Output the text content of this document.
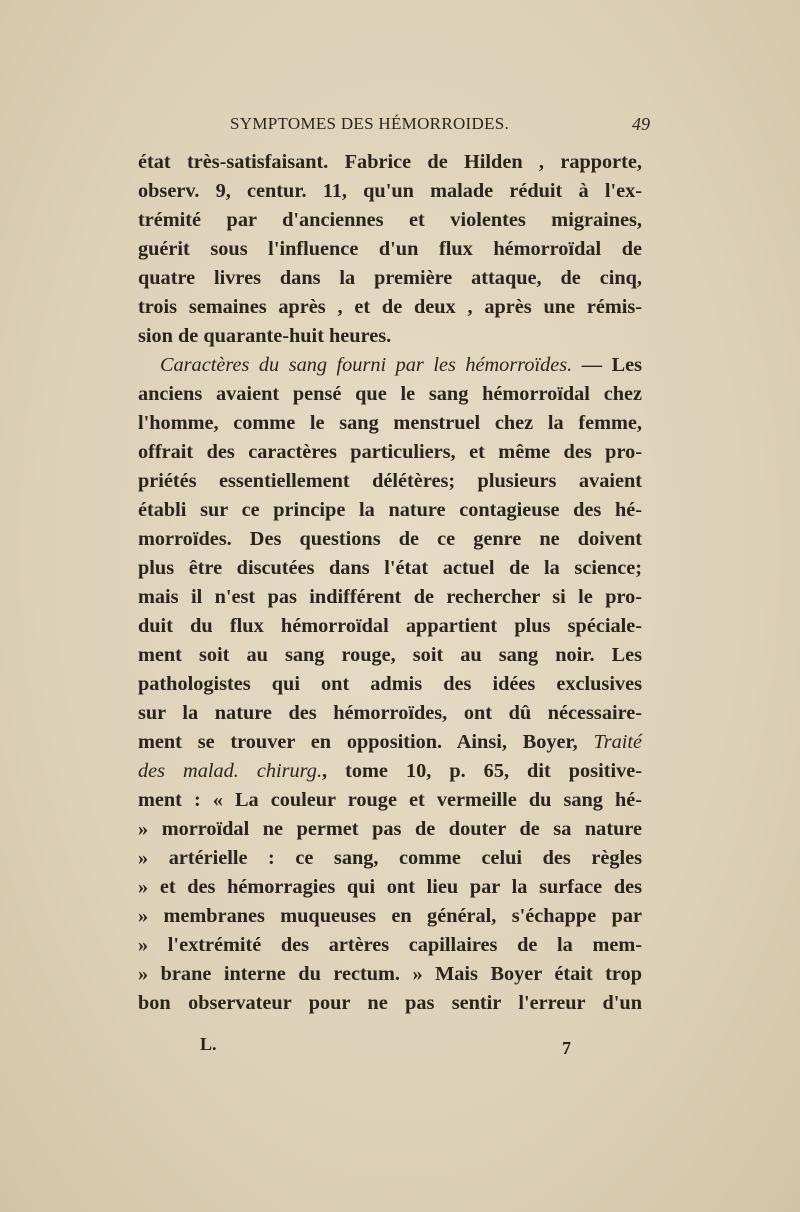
SYMPTOMES DES HÉMORROIDES.	49
état très-satisfaisant. Fabrice de Hilden , rapporte,
observ. 9, centur. 11, qu'un malade réduit à l'ex-
trémité par d'anciennes et violentes migraines,
guérit sous l'influence d'un flux hémorroïdal de
quatre livres dans la première attaque, de cinq,
trois semaines après , et de deux , après une rémis-
sion de quarante-huit heures.
Caractères du sang fourni par les hémorroïdes. — Les
anciens avaient pensé que le sang hémorroïdal chez
l'homme, comme le sang menstruel chez la femme,
offrait des caractères particuliers, et même des pro-
priétés essentiellement délétères; plusieurs avaient
établi sur ce principe la nature contagieuse des hé-
morroïdes. Des questions de ce genre ne doivent
plus être discutées dans l'état actuel de la science;
mais il n'est pas indifférent de rechercher si le pro-
duit du flux hémorroïdal appartient plus spéciale-
ment soit au sang rouge, soit au sang noir. Les
pathologistes qui ont admis des idées exclusives
sur la nature des hémorroïdes, ont dû nécessaire-
ment se trouver en opposition. Ainsi, Boyer, Traité
des malad. chirurg., tome 10, p. 65, dit positive-
ment : « La couleur rouge et vermeille du sang hé-
» morroïdal ne permet pas de douter de sa nature
» artérielle : ce sang, comme celui des règles
» et des hémorragies qui ont lieu par la surface des
» membranes muqueuses en général, s'échappe par
» l'extrémité des artères capillaires de la mem-
» brane interne du rectum. » Mais Boyer était trop
bon observateur pour ne pas sentir l'erreur d'un
L.	7
